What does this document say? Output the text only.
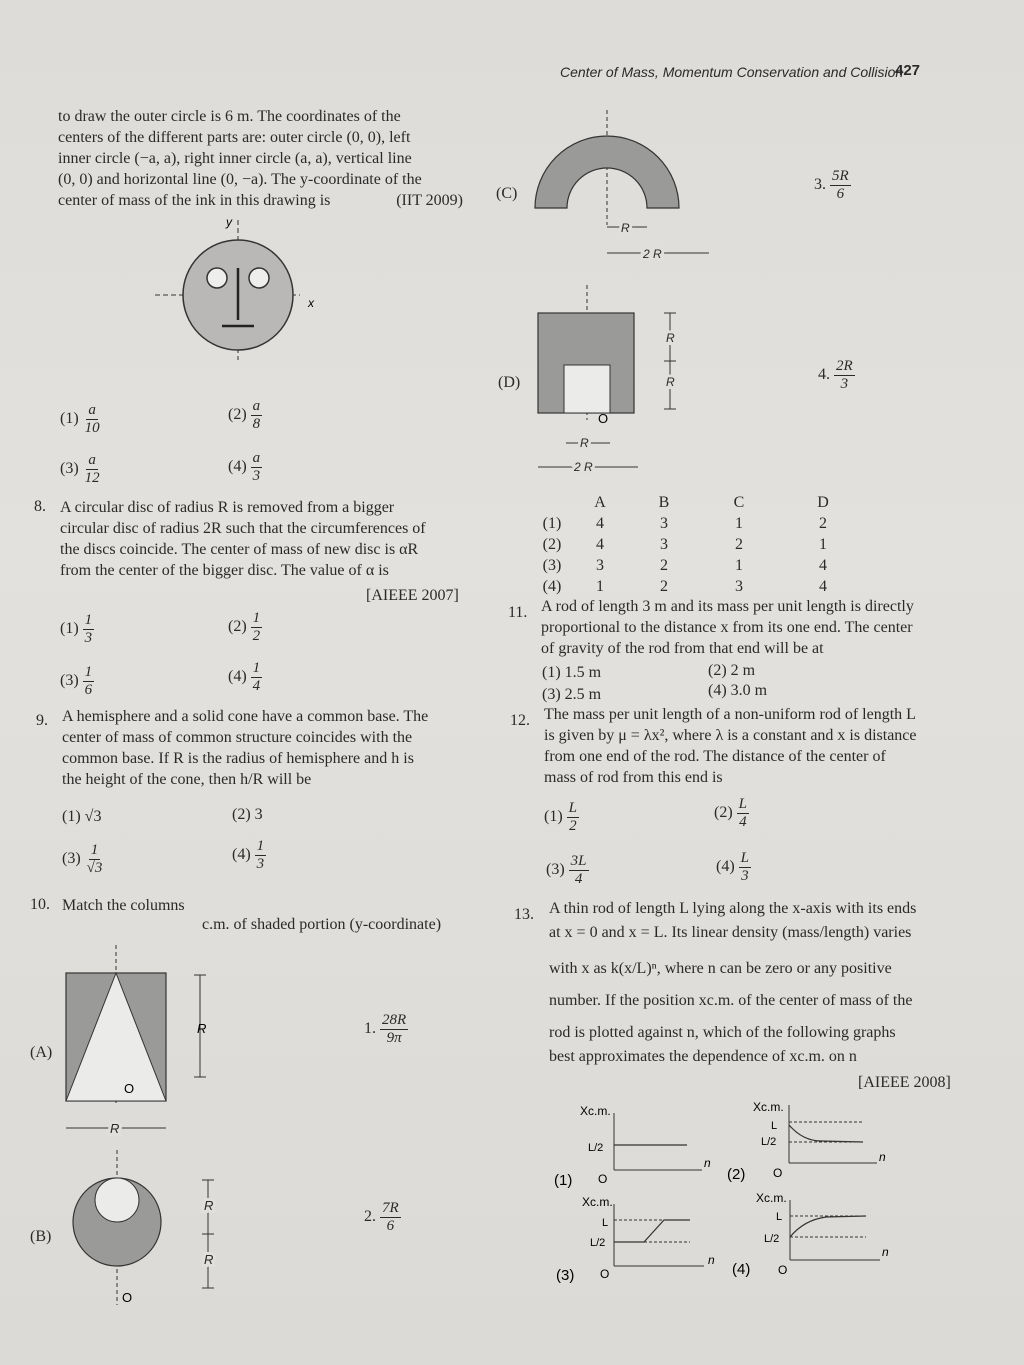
Center of Mass, Momentum Conservation and Collision
427
to draw the outer circle is 6 m. The coordinates of the
centers of the different parts are: outer circle (0, 0), left
inner circle (−a, a), right inner circle (a, a), vertical line
(0, 0) and horizontal line (0, −a). The y-coordinate of the
center of mass of the ink in this drawing is	(IIT 2009)
y
x
$(1) \frac{a}{10}$	$(2) \frac{a}{8}$
$(3) \frac{a}{12}$	$(4) \frac{a}{3}$
8. A circular disc of radius R is removed from a bigger
circular disc of radius 2R such that the circumferences of
the discs coincide. The center of mass of new disc is αR
from the center of the bigger disc. The value of α is
[AIEEE 2007]
$(1) \frac{1}{3}$	$(2) \frac{1}{2}$
$(3) \frac{1}{6}$	$(4) \frac{1}{4}$
9. A hemisphere and a solid cone have a common base. The
center of mass of common structure coincides with the
common base. If R is the radius of hemisphere and h is
the height of the cone, then h/R will be
(1) √3	(2) 3
$(3) \frac{1}{√3}$	$(4) \frac{1}{3}$
10. Match the columns
c.m. of shaded portion (y-coordinate)
(A)
R
O
R
1. $\frac{28R}{9\pi}$
(B)
R
R
O
2. $\frac{7R}{6}$
(C)
R
2 R
3. $\frac{5R}{6}$
(D)
R
R
O
R
2 R
4. $\frac{2R}{3}$
	A	B	C	D
(1)	4	3	1	2
(2)	4	3	2	1
(3)	3	2	1	4
(4)	1	2	3	4
11. A rod of length 3 m and its mass per unit length is directly
proportional to the distance x from its one end. The center
of gravity of the rod from that end will be at
(1) 1.5 m	(2) 2 m
(3) 2.5 m	(4) 3.0 m
12. The mass per unit length of a non-uniform rod of length L
is given by μ = λx², where λ is a constant and x is distance
from one end of the rod. The distance of the center of
mass of rod from this end is
$(1) \frac{L}{2}$	$(2) \frac{L}{4}$
$(3) \frac{3L}{4}$	$(4) \frac{L}{3}$
13. A thin rod of length L lying along the x-axis with its ends
at x = 0 and x = L. Its linear density (mass/length) varies
with x as k(x/L)ⁿ, where n can be zero or any positive
number. If the position xc.m. of the center of mass of the
rod is plotted against n, which of the following graphs
best approximates the dependence of xc.m. on n
[AIEEE 2008]
Xc.m.
L/2
n
O
(1)
Xc.m.
L
L/2
n
O
(2)
Xc.m.
L
L/2
n
O
(3)
Xc.m.
L
L/2
n
O
(4)
